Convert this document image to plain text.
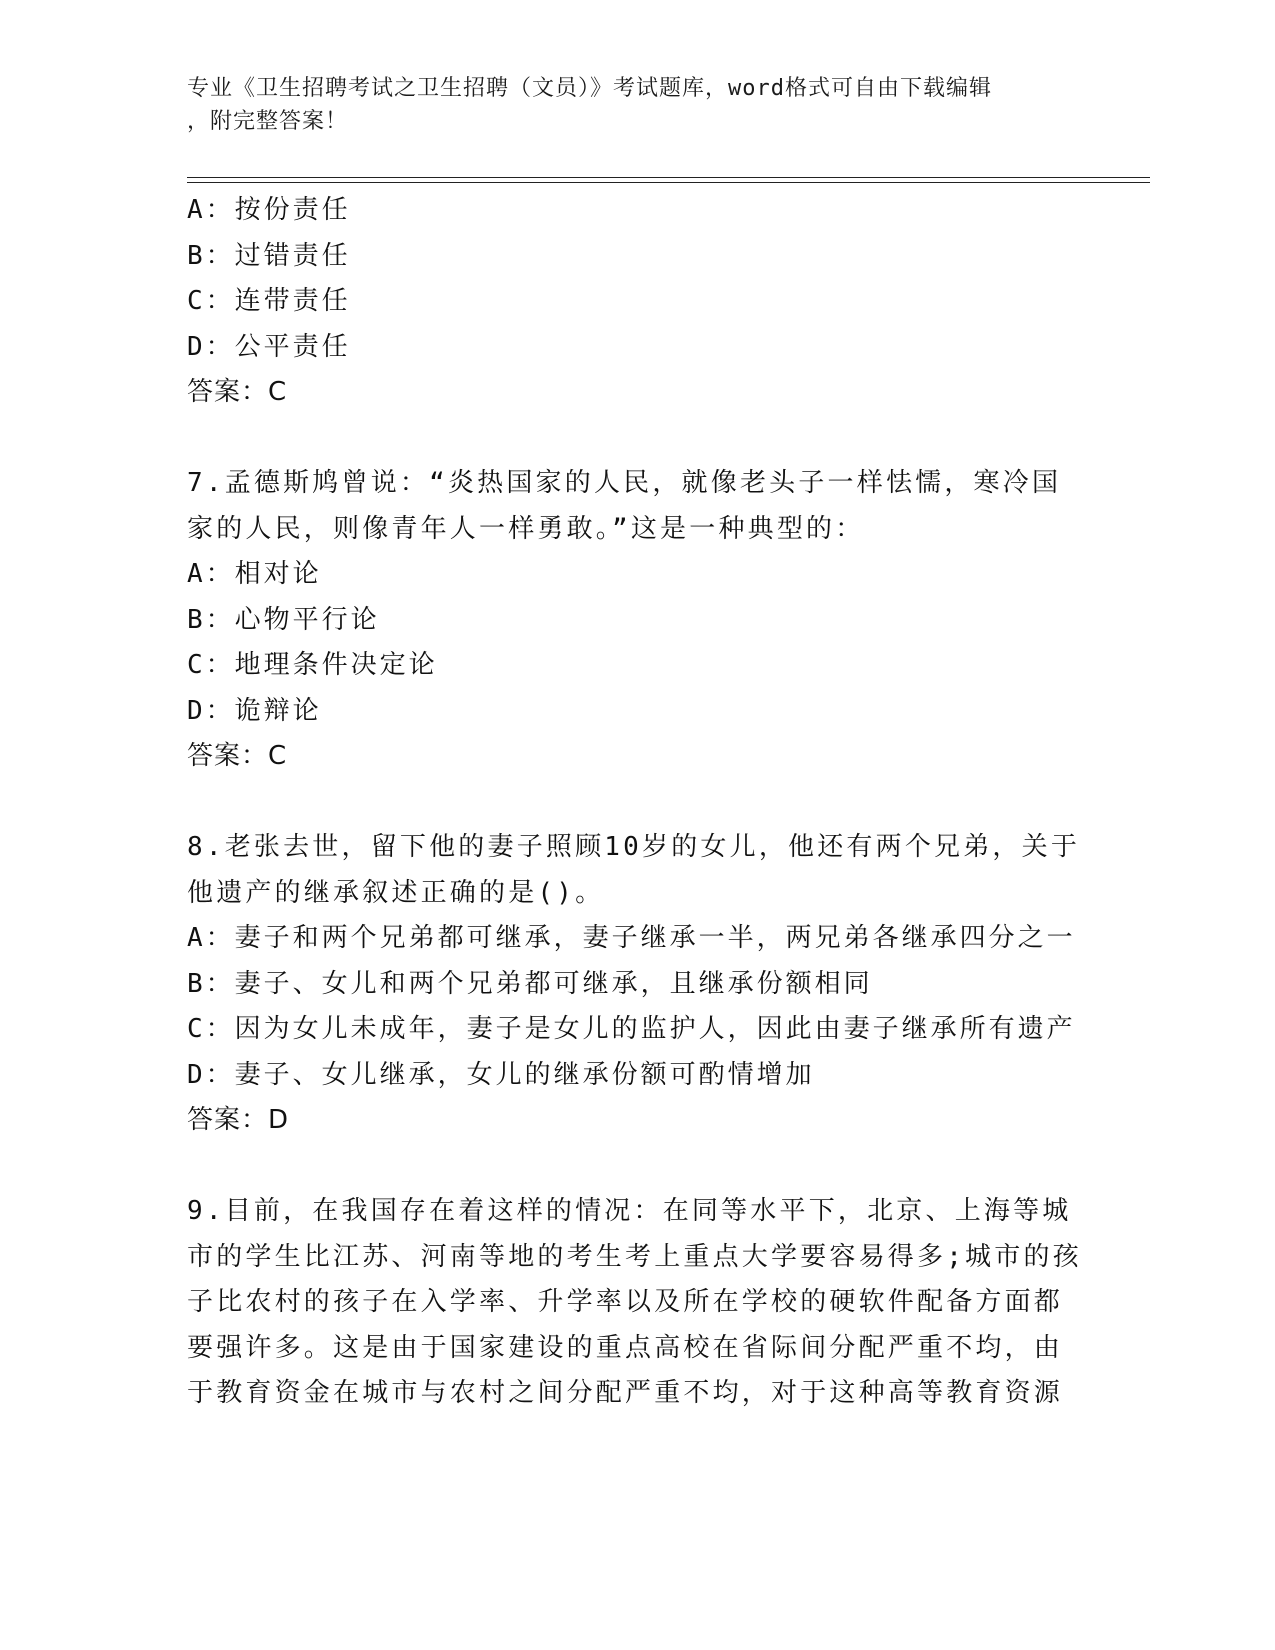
专业《卫生招聘考试之卫生招聘（文员）》考试题库，word格式可自由下载编辑

，附完整答案！

A：按份责任
B：过错责任
C：连带责任
D：公平责任
答案：C
7.孟德斯鸠曾说：“炎热国家的人民，就像老头子一样怯懦，寒冷国
家的人民，则像青年人一样勇敢。”这是一种典型的：
A：相对论
B：心物平行论
C：地理条件决定论
D：诡辩论
答案：C
8.老张去世，留下他的妻子照顾10岁的女儿，他还有两个兄弟，关于
他遗产的继承叙述正确的是()。
A：妻子和两个兄弟都可继承，妻子继承一半，两兄弟各继承四分之一
B：妻子、女儿和两个兄弟都可继承，且继承份额相同
C：因为女儿未成年，妻子是女儿的监护人，因此由妻子继承所有遗产
D：妻子、女儿继承，女儿的继承份额可酌情增加
答案：D
9.目前，在我国存在着这样的情况：在同等水平下，北京、上海等城
市的学生比江苏、河南等地的考生考上重点大学要容易得多;城市的孩
子比农村的孩子在入学率、升学率以及所在学校的硬软件配备方面都
要强许多。这是由于国家建设的重点高校在省际间分配严重不均，由
于教育资金在城市与农村之间分配严重不均，对于这种高等教育资源
